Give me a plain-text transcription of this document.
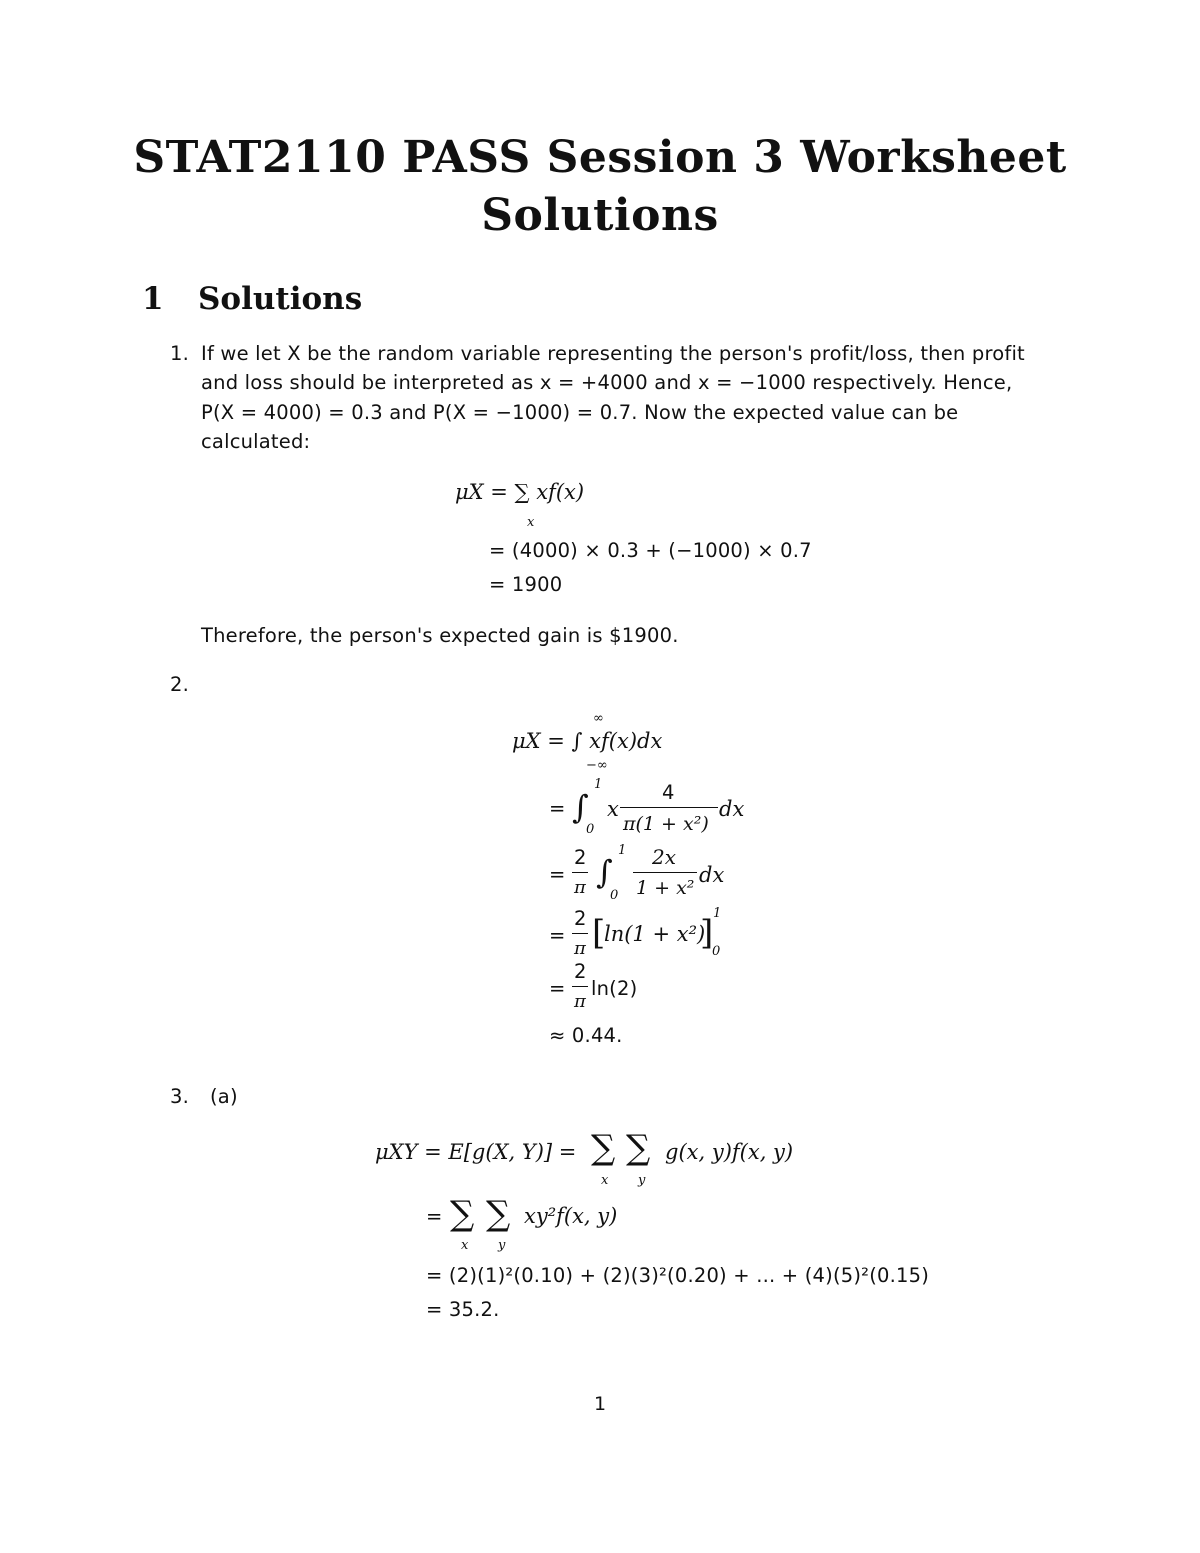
STAT2110 PASS Session 3 Worksheet
Solutions
1 Solutions
1. If we let X be the random variable representing the person's profit/loss, then profit
and loss should be interpreted as x = +4000 and x = −1000 respectively. Hence,
P(X = 4000) = 0.3 and P(X = −1000) = 0.7. Now the expected value can be
calculated:
μX = ∑ xf(x)
x
= (4000) × 0.3 + (−1000) × 0.7
= 1900
Therefore, the person's expected gain is $1900.
2.
μX = ∫ xf(x)dx
∞
−∞
= ∫
1
0
x
4
π(1 + x²)
dx
=
2
π ∫
1
0
2x
1 + x²
dx
=
2
π [
ln(1 + x²)
] 1
0
=
2
π
ln(2)
≈ 0.44.
3. (a)
μXY = E[g(X, Y)] = ∑ ∑
x y
g(x, y)f(x, y)
= ∑ ∑
x y
xy²f(x, y)
= (2)(1)²(0.10) + (2)(3)²(0.20) + ... + (4)(5)²(0.15)
= 35.2.
1
